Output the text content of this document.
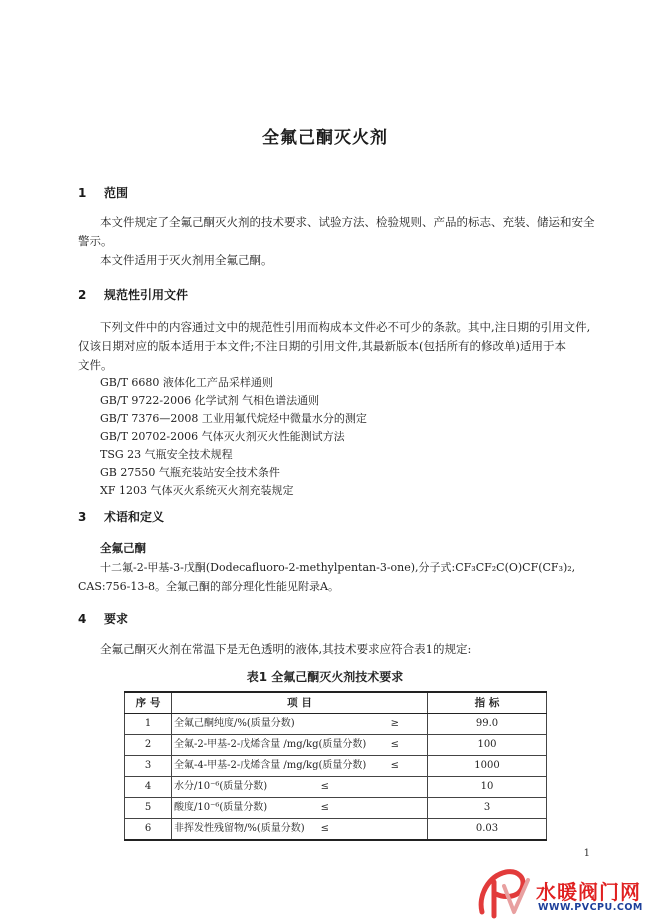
全氟己酮灭火剂
1 范围
本文件规定了全氟己酮灭火剂的技术要求、试验方法、检验规则、产品的标志、充装、储运和安全
警示。
本文件适用于灭火剂用全氟己酮。
2 规范性引用文件
下列文件中的内容通过文中的规范性引用而构成本文件必不可少的条款。其中,注日期的引用文件,
仅该日期对应的版本适用于本文件;不注日期的引用文件,其最新版本(包括所有的修改单)适用于本
文件。
GB/T 6680 液体化工产品采样通则
GB/T 9722-2006 化学试剂 气相色谱法通则
GB/T 7376—2008 工业用氟代烷烃中微量水分的测定
GB/T 20702-2006 气体灭火剂灭火性能测试方法
TSG 23 气瓶安全技术规程
GB 27550 气瓶充装站安全技术条件
XF 1203 气体灭火系统灭火剂充装规定
3 术语和定义
全氟己酮
十二氟-2-甲基-3-戊酮(Dodecafluoro-2-methylpentan-3-one),分子式:CF₃CF₂C(O)CF(CF₃)₂,
CAS:756-13-8。全氟己酮的部分理化性能见附录A。
4 要求
全氟己酮灭火剂在常温下是无色透明的液体,其技术要求应符合表1的规定:
表1 全氟己酮灭火剂技术要求
序 号	项 目	指 标
1	全氟己酮纯度/%(质量分数) ≥	99.0
2	全氟-2-甲基-2-戊烯含量 /mg/kg(质量分数) ≤	100
3	全氟-4-甲基-2-戊烯含量 /mg/kg(质量分数) ≤	1000
4	水分/10⁻⁶(质量分数) ≤	10
5	酸度/10⁻⁶(质量分数) ≤	3
6	非挥发性残留物/%(质量分数) ≤	0.03
1
水暖阀门网
WWW.PVCPU.COM
